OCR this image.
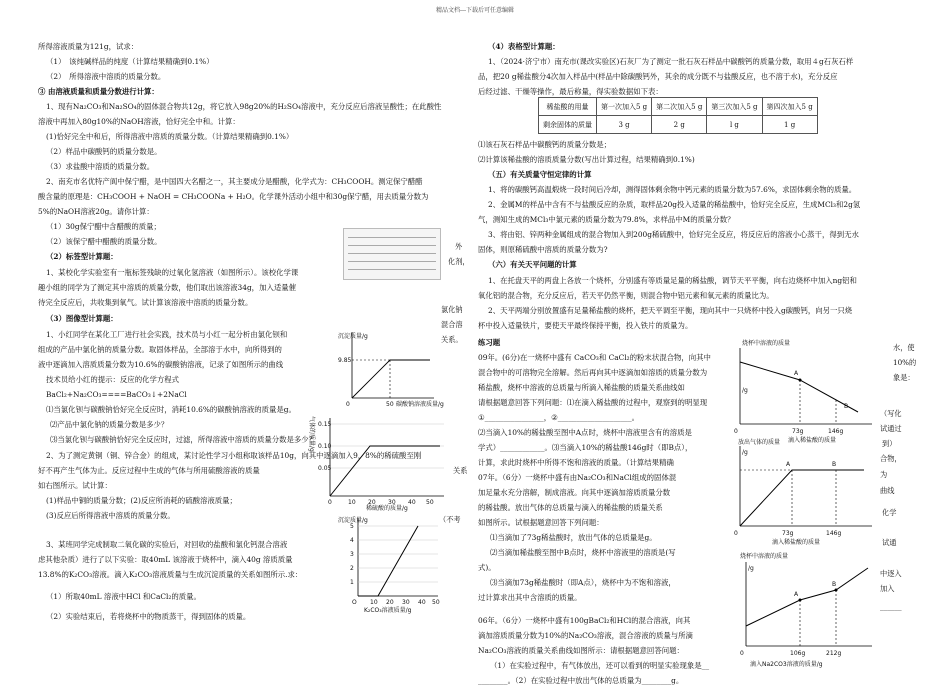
精品文档---下载后可任意编辑

所得溶液质量为121g，试求：

（1）　该纯碱样品的纯度（计算结果精确到0.1%）

（2）　所得溶液中溶质的质量分数。

③ 由溶液质量和质量分数进行计算：

1、现有Na₂CO₃和Na₂SO₄的固体混合物共12g，将它放入98g20%的H₂SO₄溶液中，充分反应后溶液呈酸性；在此酸性

溶液中再加入80g10%的NaOH溶液，恰好完全中和。计算：

(1)恰好完全中和后，所得溶液中溶质的质量分数。（计算结果精确到0.1%）

（2）样品中碳酸钙的质量分数是。

（3）求盐酸中溶质的质量分数。

2、南充市名优特产阆中保宁醋，是中国四大名醋之一，其主要成分是醋酸，化学式为：CH₃COOH。测定保宁醋醋

酸含量的原理是：CH₃COOH + NaOH = CH₃COONa + H₂O。化学课外活动小组中和30g保宁醋，用去质量分数为

5%的NaOH溶液20g。请你计算：

（1）30g保宁醋中含醋酸的质量；

（2）该保宁醋中醋酸的质量分数。

（2）标签型计算题：

1、某校化学实验室有一瓶标签残缺的过氧化氢溶液（如图所示）。该校化学课

趣小组的同学为了测定其中溶质的质量分数，他们取出该溶液34g，加入适量催

待完全反应后，共收集到氧气。试计算该溶液中溶质的质量分数。

（3）图像型计算题：

1、小红同学在某化工厂进行社会实践，技术员与小红一起分析由氯化钡和

组成的产品中氯化钠的质量分数。取固体样品，全部溶于水中，向所得到的

液中逐滴加入溶质质量分数为10.6%的碳酸钠溶液，记录了如图所示的曲线

技术员给小红的提示：反应的化学方程式

BaCl₂+Na₂CO₃====BaCO₃↓+2NaCl

⑴当氯化钡与碳酸钠恰好完全反应时，消耗10.6%的碳酸钠溶液的质量是g。

⑵产品中氯化钠的质量分数是多少？

⑶当氯化钡与碳酸钠恰好完全反应时，过滤，所得溶液中溶质的质量分数是多少？

2、为了测定黄铜（铜、锌合金）的组成，某讨论性学习小组称取该样品10g，向其中逐滴加入9．8%的稀硫酸至刚

好不再产生气体为止。反应过程中生成的气体与所用硫酸溶液的质量

如右图所示。试计算：

(1)样品中铜的质量分数；(2)反应所消耗的硫酸溶液质量；

(3)反应后所得溶液中溶质的质量分数。

3、某班同学完成制取二氧化碳的实验后，对回收的盐酸和氯化钙混合溶液

虑其他杂质）进行了以下实验：取40mL 该溶液于烧杯中，滴入40g 溶质质量

13.8%的K₂CO₃溶液。滴入K₂CO₃溶液质量与生成沉淀质量的关系如图所示.求：

（1）所取40mL 溶液中HCl 和CaCl₂的质量。

（2）实验结束后，若将烧杯中的物质蒸干，得到固体的质量。

外
化剂，
氯化钠
混合溶
关系。
关系
（不考

（4）表格型计算题：

1、（2024·济宁市）南充市(课改实验区)石灰厂为了测定一批石灰石样品中碳酸钙的质量分数，取用４g石灰石样

品，把20 g稀盐酸分4次加入样品中(样品中除碳酸钙外，其余的成分既不与盐酸反应，也不溶于水)，充分反应

后经过滤、干燥等操作，最后称量，得实验数据如下表：

⑴该石灰石样品中碳酸钙的质量分数是；

⑵计算该稀盐酸的溶质质量分数(写出计算过程，结果精确到0.1%)

（五）有关质量守恒定律的计算

1、将的碳酸钙高温煅烧一段时间后冷却，测得固体剩余物中钙元素的质量分数为57.6%，求固体剩余物的质量。

2、金属M的样品中含有不与盐酸反应的杂质，取样品20g投入适量的稀盐酸中，恰好完全反应，生成MCl₃和2g氢

气，测知生成的MCl₃中氯元素的质量分数为79.8%，求样品中M的质量分数？

3、将由铝、锌两种金属组成的混合物加入到200g稀硫酸中，恰好完全反应，将反应后的溶液小心蒸干，得到无水

固体，则原稀硫酸中溶质的质量分数为?

（六）有关天平问题的计算

1、在托盘天平的两盘上各放一个烧杯，分别盛有等质量足量的稀盐酸，调节天平平衡，向右边烧杯中加入ng铝和

氧化铝的混合物，充分反应后，若天平仍然平衡，则混合物中铝元素和氧元素的质量比为。

2、天平两端分别放置盛有足量稀盐酸的烧杯，把天平调至平衡，现向其中一只烧杯中投入g碳酸钙，向另一只烧

杯中投入适量铁片，要使天平最终保持平衡，投入铁片的质量为。

练习题

09年。(6分)在一烧杯中盛有 CaCO₃和 CaCl₂的粉末状混合物，向其中

混合物中的可溶物完全溶解。然后再向其中逐滴加如溶质的质量分数为

稀盐酸，烧杯中溶液的总质量与所滴入稀盐酸的质量关系曲线如

请根据题意回答下列问题：⑴在滴入稀盐酸的过程中，观察到的明显现

①________________，②____________________。

⑵当滴入10%的稀盐酸至图中A点时，烧杯中溶液里含有的溶质是

学式）____________。⑶当滴入10%的稀盐酸146g时（即B点），

计算，求此时烧杯中所得不饱和溶液的质量。（计算结果精确

07年。（6分）一烧杯中盛有由Na₂CO₃和NaCl组成的固体混

加足量水充分溶解，制成溶液。向其中逐滴加溶质质量分数

的稀盐酸。放出气体的总质量与滴入的稀盐酸的质量关系

如图所示。试根据题意回答下列问题：

⑴当滴加了73g稀盐酸时，放出气体的总质量是g。

⑵当滴加稀盐酸至图中B点时，烧杯中溶液里的溶质是(写

式)。

⑶当滴加73g稀盐酸时（即A点），烧杯中为不饱和溶液，

过计算求出其中含溶质的质量。

06年。（6分）一烧杯中盛有100gBaCl₂和HCl的混合溶液，向其

滴加溶质质量分数为10%的Na₂CO₃溶液，混合溶液的质量与所滴

Na₂CO₃溶液的质量关系曲线如图所示：请根据题意回答问题：

（1）在实验过程中，有气体放出，还可以看到的明显实验现象是__

________。（2）在实验过程中放出气体的总质量为________g。

水，使
10%的
象是：
（写化
试通过
到）
合物，
为
曲线
化学
试通
中逐入
加入
______
稀盐酸的用量	第一次加入5 g	第二次加入5 g	第三次加入5 g	第四次加入5 g
剩余固体的质量	3 g	2 g	l g	1 g
沉淀质量/g
9.85
0	50 碳酸钠溶液质量/g
0.15
0.10
0.05
气体的质量/g
0	10 20 30 40 50
稀硫酸的质量/g
沉淀质量/g
5
4
3
2
1
O 10 20 30 40 50
K₂CO₃溶液质量/g
烧杯中溶液的质量
/g
A
B
0	73g	146g
滴入稀盐酸的质量
放出气体的质量
/g
A	B
0	73g	146g
滴入稀盐酸的质量
烧杯中溶液的质量
/g
A
B
0	106g	212g
滴入Na2CO3溶液的质量/g
